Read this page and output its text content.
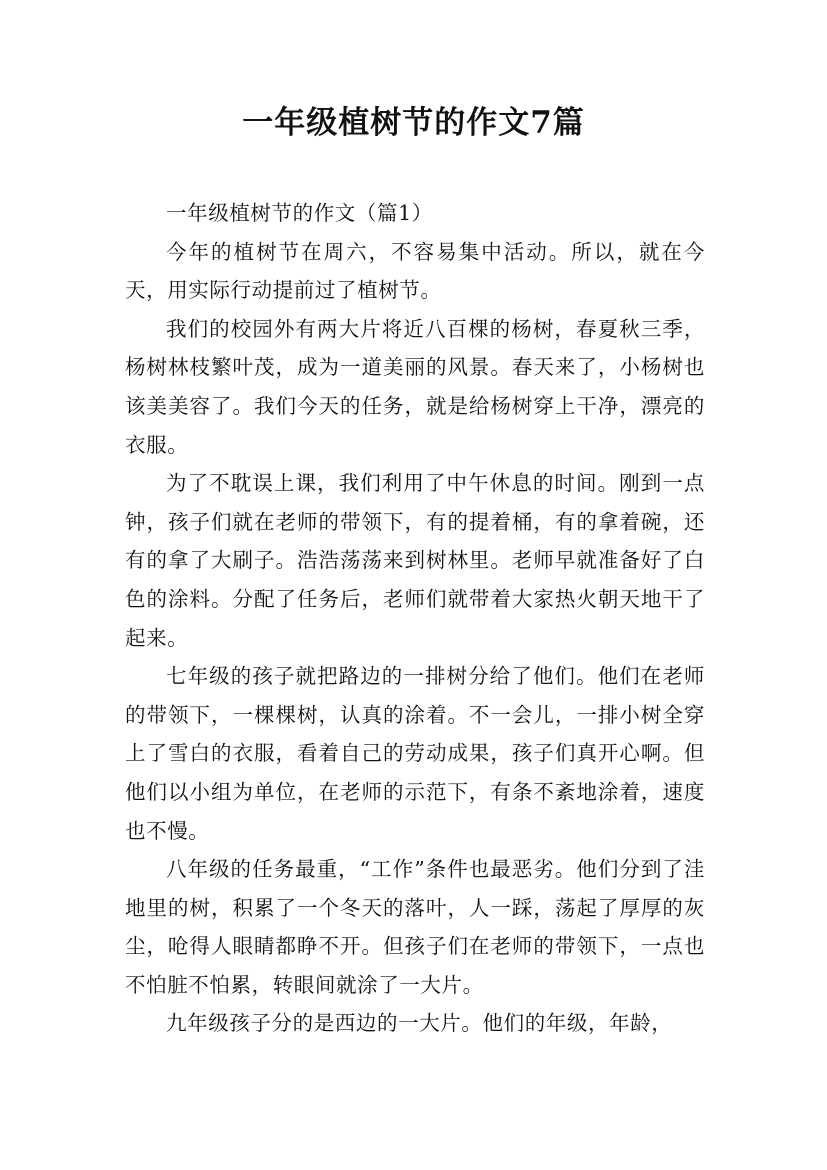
一年级植树节的作文7篇

一年级植树节的作文（篇1）

今年的植树节在周六，不容易集中活动。所以，就在今天，用实际行动提前过了植树节。

我们的校园外有两大片将近八百棵的杨树，春夏秋三季，杨树林枝繁叶茂，成为一道美丽的风景。春天来了，小杨树也该美美容了。我们今天的任务，就是给杨树穿上干净，漂亮的衣服。

为了不耽误上课，我们利用了中午休息的时间。刚到一点钟，孩子们就在老师的带领下，有的提着桶，有的拿着碗，还有的拿了大刷子。浩浩荡荡来到树林里。老师早就准备好了白色的涂料。分配了任务后，老师们就带着大家热火朝天地干了起来。

七年级的孩子就把路边的一排树分给了他们。他们在老师的带领下，一棵棵树，认真的涂着。不一会儿，一排小树全穿上了雪白的衣服，看着自己的劳动成果，孩子们真开心啊。但他们以小组为单位，在老师的示范下，有条不紊地涂着，速度也不慢。

八年级的任务最重，“工作”条件也最恶劣。他们分到了洼地里的树，积累了一个冬天的落叶，人一踩，荡起了厚厚的灰尘，呛得人眼睛都睁不开。但孩子们在老师的带领下，一点也不怕脏不怕累，转眼间就涂了一大片。

九年级孩子分的是西边的一大片。他们的年级，年龄，
